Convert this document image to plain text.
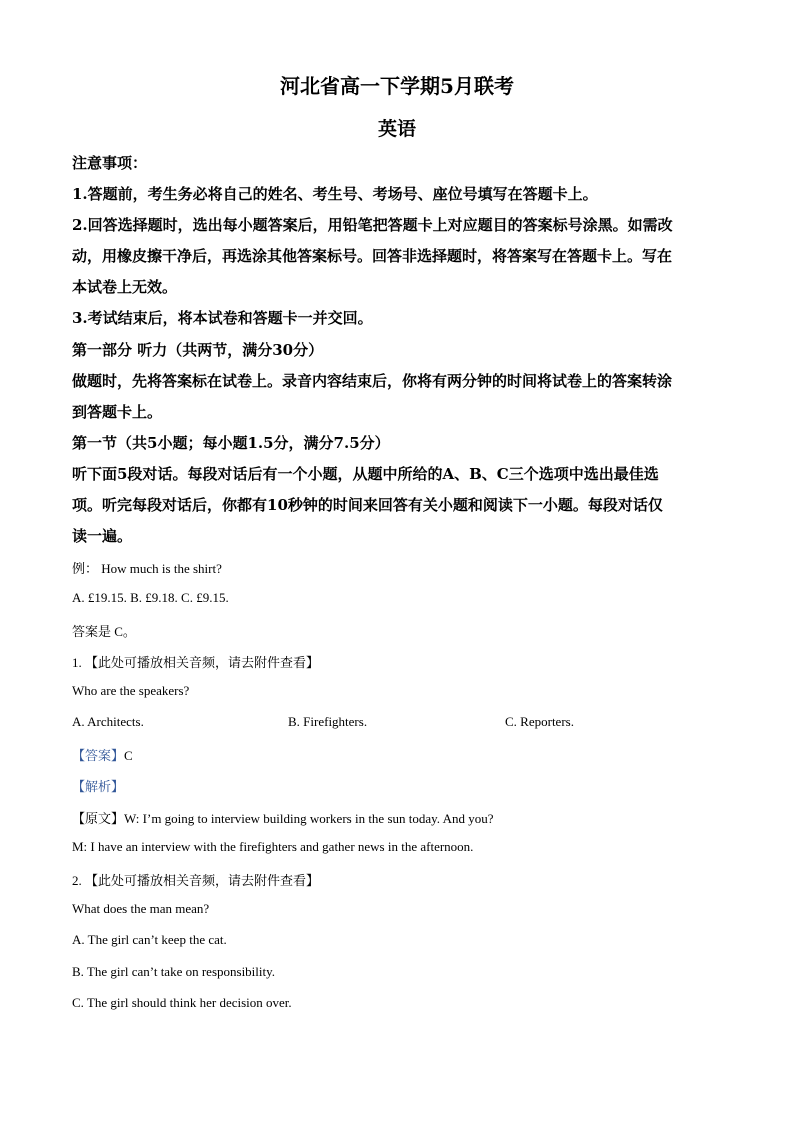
河北省高一下学期5月联考
英语
注意事项：
1.答题前，考生务必将自己的姓名、考生号、考场号、座位号填写在答题卡上。
2.回答选择题时，选出每小题答案后，用铅笔把答题卡上对应题目的答案标号涂黑。如需改
动，用橡皮擦干净后，再选涂其他答案标号。回答非选择题时，将答案写在答题卡上。写在
本试卷上无效。
3.考试结束后，将本试卷和答题卡一并交回。
第一部分 听力（共两节，满分30分）
做题时，先将答案标在试卷上。录音内容结束后，你将有两分钟的时间将试卷上的答案转涂
到答题卡上。
第一节（共5小题；每小题1.5分，满分7.5分）
听下面5段对话。每段对话后有一个小题，从题中所给的A、B、C三个选项中选出最佳选
项。听完每段对话后，你都有10秒钟的时间来回答有关小题和阅读下一小题。每段对话仅
读一遍。
例： How much is the shirt?
A. £19.15. B. £9.18. C. £9.15.
答案是 C。
1. 【此处可播放相关音频，请去附件查看】
Who are the speakers?
A. Architects.	B. Firefighters.	C. Reporters.
【答案】C
【解析】
【原文】W: I’m going to interview building workers in the sun today. And you?
M: I have an interview with the firefighters and gather news in the afternoon.
2. 【此处可播放相关音频，请去附件查看】
What does the man mean?
A. The girl can’t keep the cat.
B. The girl can’t take on responsibility.
C. The girl should think her decision over.
